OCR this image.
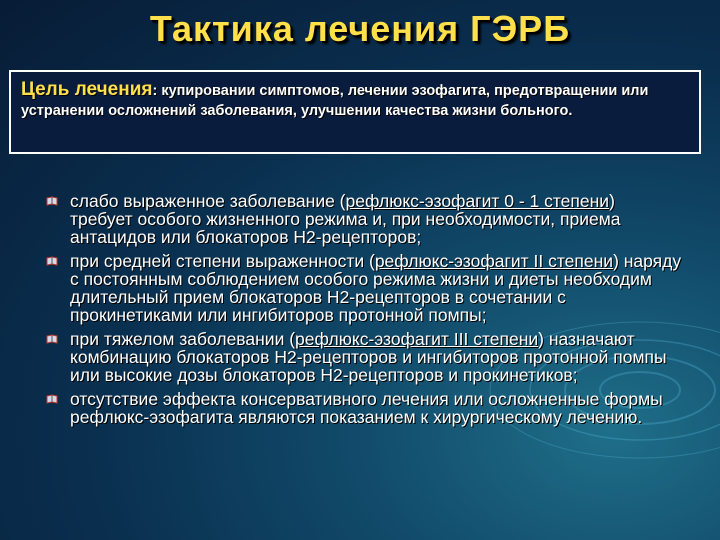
Тактика лечения ГЭРБ
Цель лечения: купировании симптомов, лечении эзофагита, предотвращении или устранении осложнений заболевания, улучшении качества жизни больного.
слабо выраженное заболевание (рефлюкс-эзофагит 0 - 1 степени) требует особого жизненного режима и, при необходимости, приема антацидов или блокаторов Н2-рецепторов;
при средней степени выраженности (рефлюкс-эзофагит II степени) наряду с постоянным соблюдением особого режима жизни и диеты необходим длительный прием блокаторов Н2-рецепторов в сочетании с прокинетиками или ингибиторов протонной помпы;
при тяжелом заболевании (рефлюкс-эзофагит III степени) назначают комбинацию блокаторов Н2-рецепторов и ингибиторов протонной помпы или высокие дозы блокаторов Н2-рецепторов и прокинетиков;
отсутствие эффекта консервативного лечения или осложненные формы рефлюкс-эзофагита являются показанием к хирургическому лечению.
